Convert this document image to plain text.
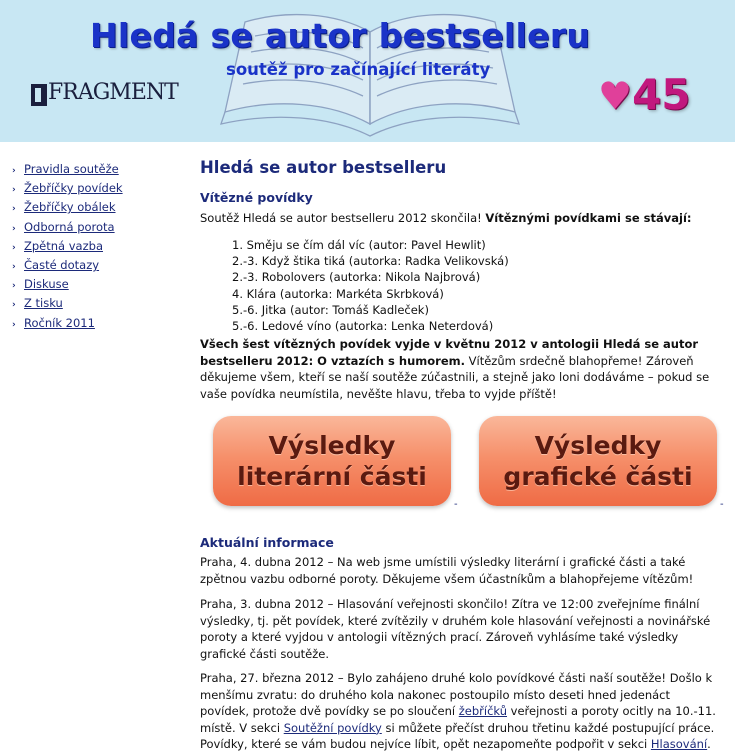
Hledá se autor bestselleru
soutěž pro začínající literáty
FRAGMENT	♥45
› Pravidla soutěže
› Žebříčky povídek
› Žebříčky obálek
› Odborná porota
› Zpětná vazba
› Časté dotazy
› Diskuse
› Z tisku
› Ročník 2011
Hledá se autor bestselleru
Vítězné povídky

Soutěž Hledá se autor bestselleru 2012 skončila! Vítěznými povídkami se stávají:

1. Směju se čím dál víc (autor: Pavel Hewlit)
2.-3. Když štika tiká (autorka: Radka Velikovská)
2.-3. Robolovers (autorka: Nikola Najbrová)
4. Klára (autorka: Markéta Skrbková)
5.-6. Jitka (autor: Tomáš Kadleček)
5.-6. Ledové víno (autorka: Lenka Neterdová)

Všech šest vítězných povídek vyjde v květnu 2012 v antologii Hledá se autor bestselleru 2012: O vztazích s humorem. Vítězům srdečně blahopřeme! Zároveň děkujeme všem, kteří se naší soutěže zúčastnili, a stejně jako loni dodáváme – pokud se vaše povídka neumístila, nevěšte hlavu, třeba to vyjde příště!

Výsledky
literární části
-
Výsledky
grafické části
-
Aktuální informace

Praha, 4. dubna 2012 – Na web jsme umístili výsledky literární i grafické části a také zpětnou vazbu odborné poroty. Děkujeme všem účastníkům a blahopřejeme vítězům!

Praha, 3. dubna 2012 – Hlasování veřejnosti skončilo! Zítra ve 12:00 zveřejníme finální výsledky, tj. pět povídek, které zvítězily v druhém kole hlasování veřejnosti a novinářské poroty a které vyjdou v antologii vítězných prací. Zároveň vyhlásíme také výsledky grafické části soutěže.

Praha, 27. března 2012 – Bylo zahájeno druhé kolo povídkové části naší soutěže! Došlo k menšímu zvratu: do druhého kola nakonec postoupilo místo deseti hned jedenáct povídek, protože dvě povídky se po sloučení žebříčků veřejnosti a poroty ocitly na 10.-11. místě. V sekci Soutěžní povídky si můžete přečíst druhou třetinu každé postupující práce. Povídky, které se vám budou nejvíce líbit, opět nezapomeňte podpořit v sekci Hlasování.
